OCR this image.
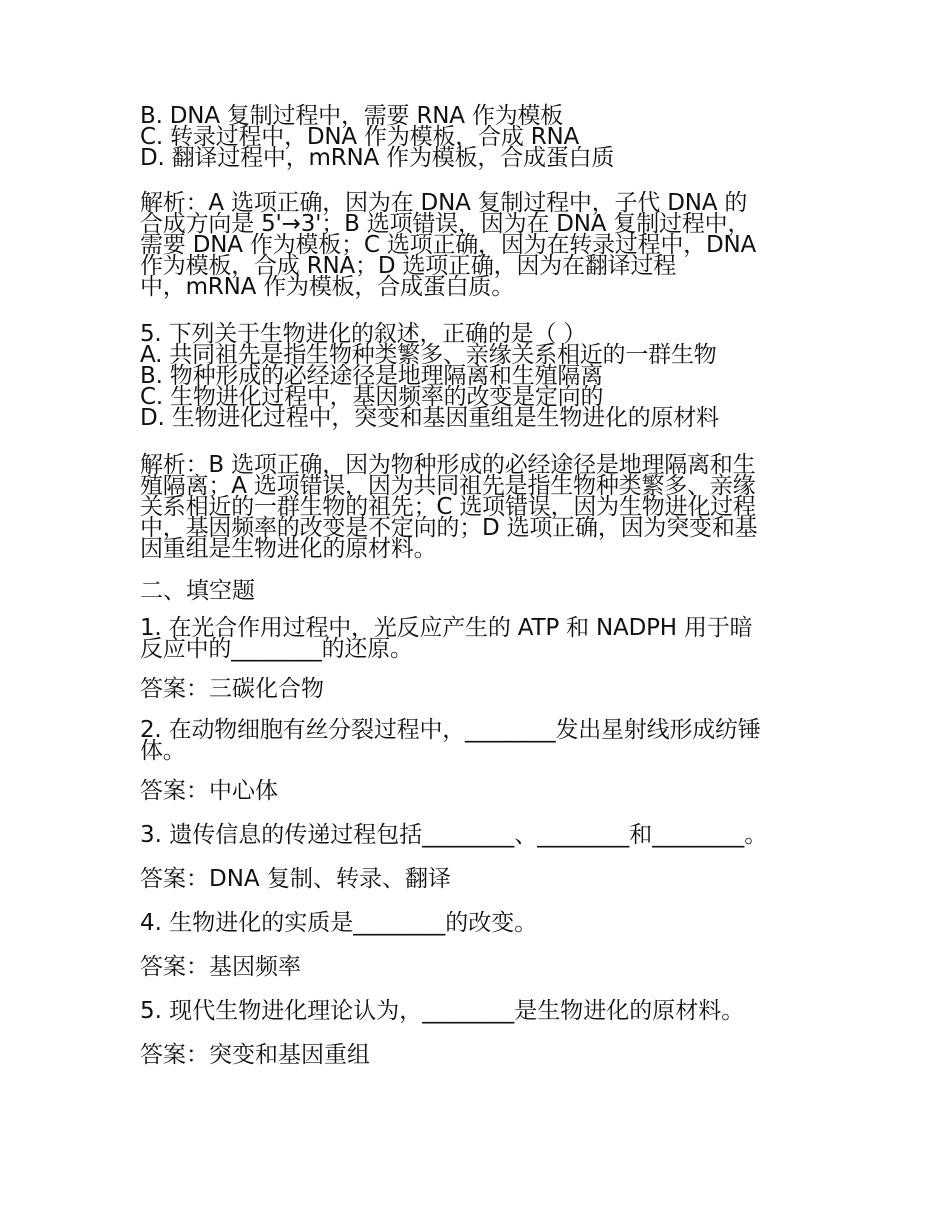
B. DNA 复制过程中，需要 RNA 作为模板
C. 转录过程中，DNA 作为模板，合成 RNA
D. 翻译过程中，mRNA 作为模板，合成蛋白质
解析：A 选项正确，因为在 DNA 复制过程中，子代 DNA 的
合成方向是 5'→3'；B 选项错误，因为在 DNA 复制过程中，
需要 DNA 作为模板；C 选项正确，因为在转录过程中，DNA
作为模板，合成 RNA；D 选项正确，因为在翻译过程
中，mRNA 作为模板，合成蛋白质。
5. 下列关于生物进化的叙述，正确的是（ ）
A. 共同祖先是指生物种类繁多、亲缘关系相近的一群生物
B. 物种形成的必经途径是地理隔离和生殖隔离
C. 生物进化过程中，基因频率的改变是定向的
D. 生物进化过程中，突变和基因重组是生物进化的原材料
解析：B 选项正确，因为物种形成的必经途径是地理隔离和生
殖隔离；A 选项错误，因为共同祖先是指生物种类繁多、亲缘
关系相近的一群生物的祖先；C 选项错误，因为生物进化过程
中，基因频率的改变是不定向的；D 选项正确，因为突变和基
因重组是生物进化的原材料。
二、填空题
1. 在光合作用过程中，光反应产生的 ATP 和 NADPH 用于暗
反应中的________的还原。
答案：三碳化合物
2. 在动物细胞有丝分裂过程中，________发出星射线形成纺锤
体。
答案：中心体
3. 遗传信息的传递过程包括________、________和________。
答案：DNA 复制、转录、翻译
4. 生物进化的实质是________的改变。
答案：基因频率
5. 现代生物进化理论认为，________是生物进化的原材料。
答案：突变和基因重组
